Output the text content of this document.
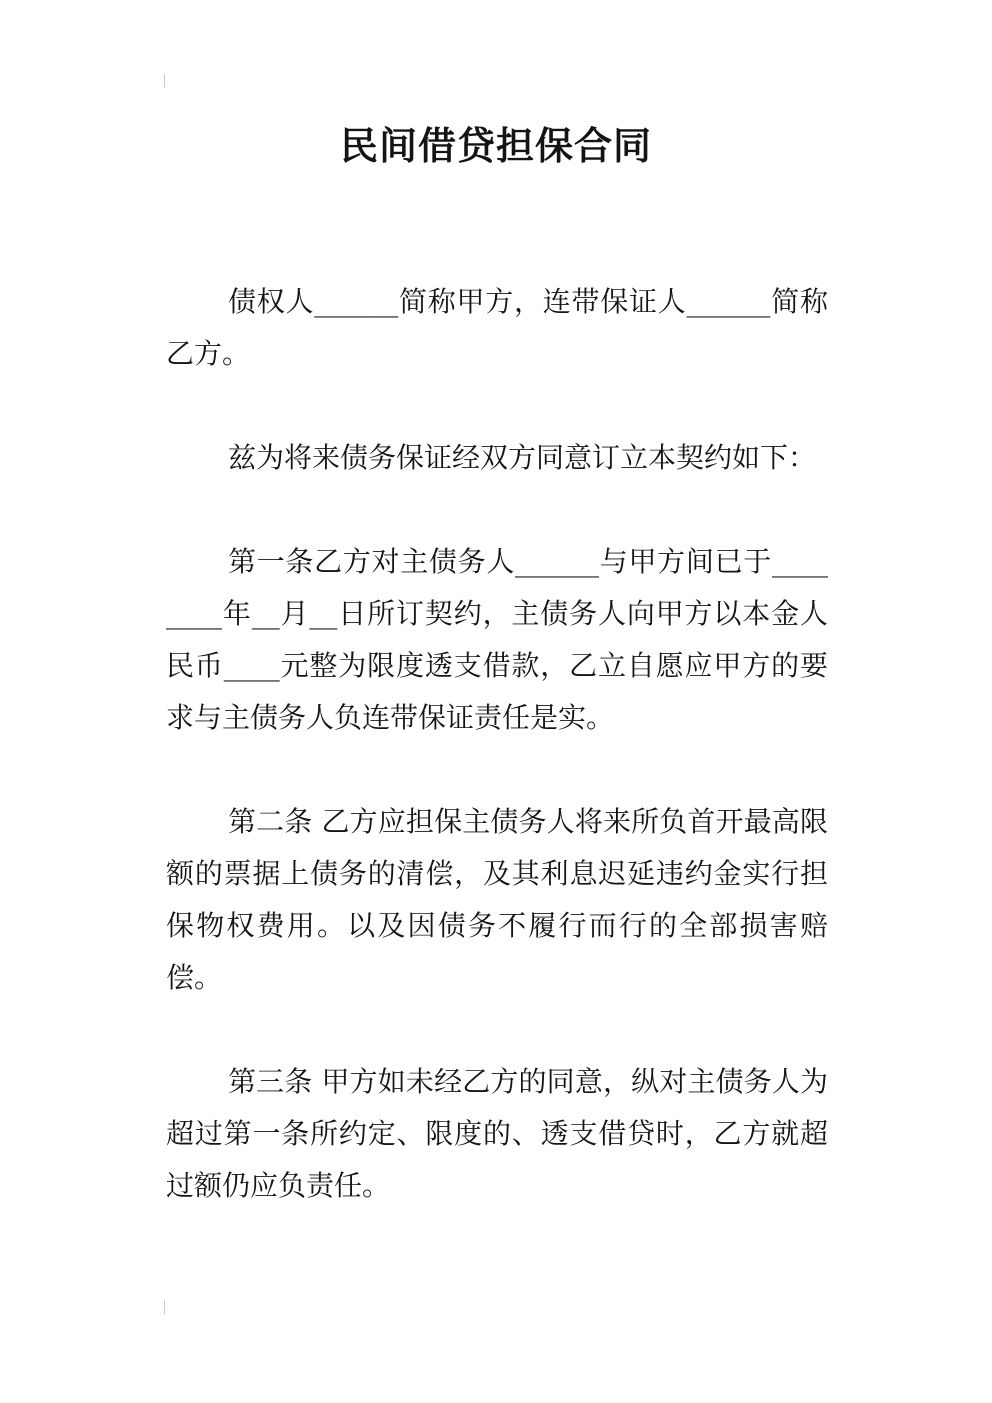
民间借贷担保合同

债权人______简称甲方，连带保证人______简称乙方。

兹为将来债务保证经双方同意订立本契约如下：

第一条乙方对主债务人______与甲方间已于________年__月__日所订契约，主债务人向甲方以本金人民币____元整为限度透支借款，乙立自愿应甲方的要求与主债务人负连带保证责任是实。

第二条 乙方应担保主债务人将来所负首开最高限额的票据上债务的清偿，及其利息迟延违约金实行担保物权费用。以及因债务不履行而行的全部损害赔偿。

第三条 甲方如未经乙方的同意，纵对主债务人为超过第一条所约定、限度的、透支借贷时，乙方就超过额仍应负责任。
